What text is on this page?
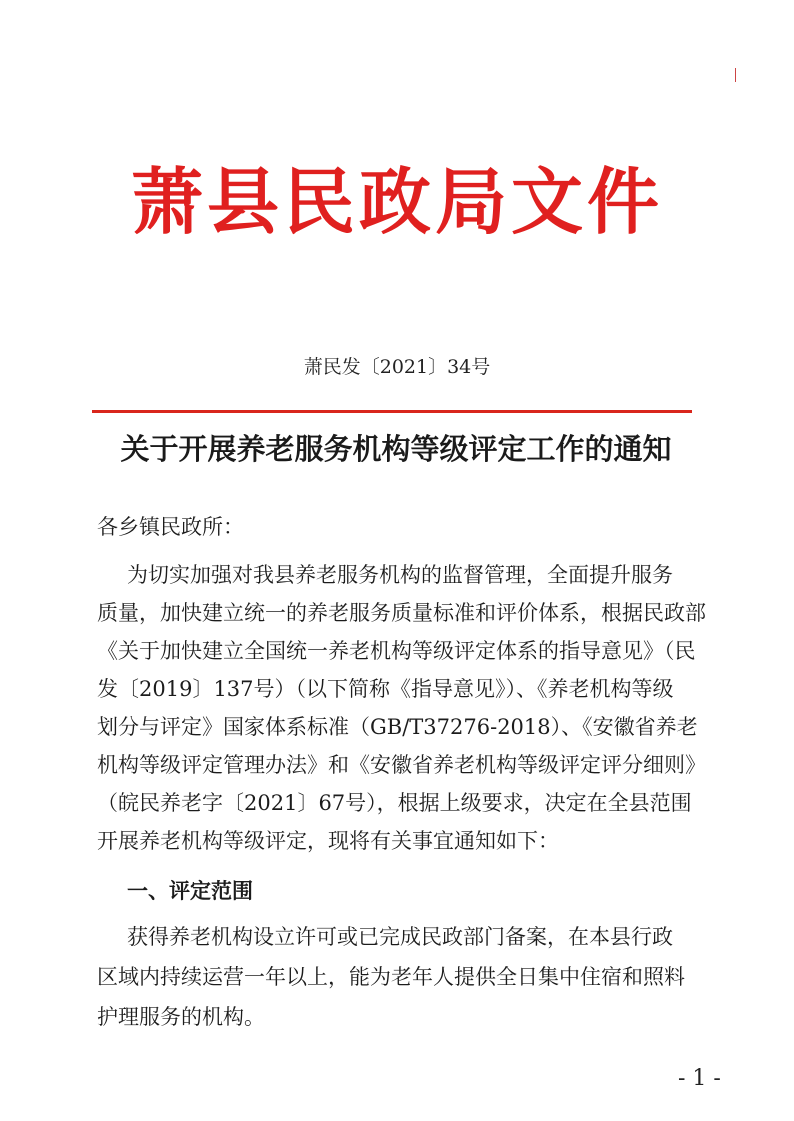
萧县民政局文件
萧民发〔2021〕34号
关于开展养老服务机构等级评定工作的通知
各乡镇民政所：
为切实加强对我县养老服务机构的监督管理，全面提升服务
质量，加快建立统一的养老服务质量标准和评价体系，根据民政部
《关于加快建立全国统一养老机构等级评定体系的指导意见》（民
发〔2019〕137号）（以下简称《指导意见》）、《养老机构等级
划分与评定》国家体系标准（GB/T37276-2018）、《安徽省养老
机构等级评定管理办法》和《安徽省养老机构等级评定评分细则》
（皖民养老字〔2021〕67号），根据上级要求，决定在全县范围
开展养老机构等级评定，现将有关事宜通知如下：
一、评定范围
获得养老机构设立许可或已完成民政部门备案，在本县行政
区域内持续运营一年以上，能为老年人提供全日集中住宿和照料
护理服务的机构。
- 1 -
